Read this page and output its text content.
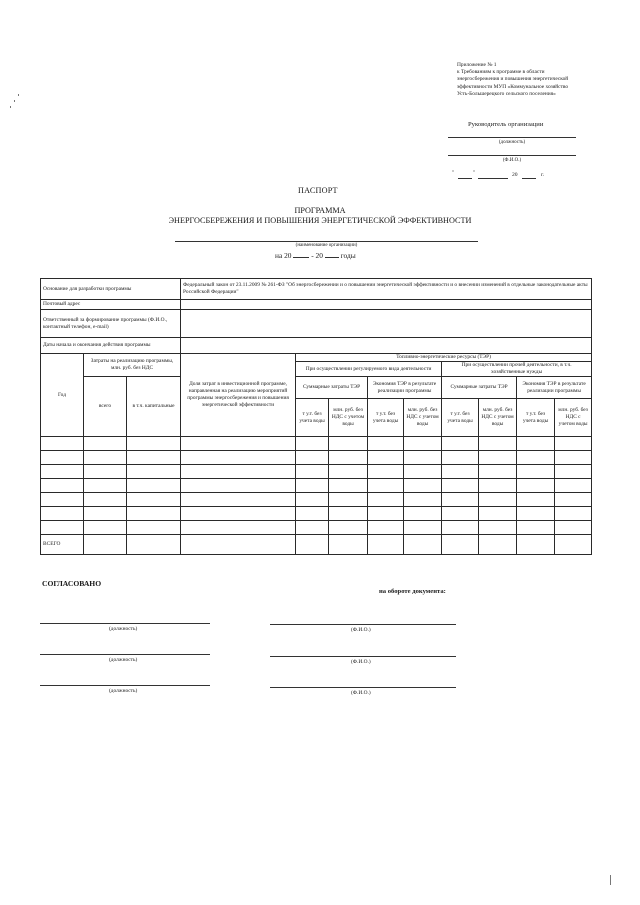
Приложение № 1
к Требованиям к программе в области
энергосбережения и повышения энергетической
эффективности МУП «Коммунальное хозяйство
Усть-Большерецкого сельского поселения»
Руководитель организации
(должность)
(Ф.И.О.)
"	"	20	г.
ПАСПОРТ
ПРОГРАММА
ЭНЕРГОСБЕРЕЖЕНИЯ И ПОВЫШЕНИЯ ЭНЕРГЕТИЧЕСКОЙ ЭФФЕКТИВНОСТИ
(наименование организации)
на 20	- 20 годы
Основание для разработки программы			Федеральный закон от 23.11.2009 № 261-ФЗ "Об энергосбережении и о повышении энергетической эффективности и о внесении изменений в отдельные законодательные акты Российской Федерации"								
Почтовый адрес											
Ответственный за формирование программы (Ф.И.О., контактный телефон, e-mail)											
Даты начала и окончания действия программы											
Год	Затраты на реализацию программы, млн. руб. без НДС		Доля затрат в инвестиционной программе, направленная на реализацию мероприятий программы энергосбережения и повышения энергетической эффективности	Топливно-энергетические ресурсы (ТЭР)							
				При осуществлении регулируемого вида деятельности				При осуществлении прочей деятельности, в т.ч. хозяйственные нужды			
	всего	в т.ч. капитальные		Суммарные затраты ТЭР		Экономия ТЭР в результате реализации программы		Суммарные затраты ТЭР		Экономия ТЭР в результате реализации программы	
				т у.т. без учета воды	млн. руб. без НДС с учетом воды	т у.т. без учета воды	млн. руб. без НДС с учетом воды	т у.т. без учета воды	млн. руб. без НДС с учетом воды	т у.т. без учета воды	млн. руб. без НДС с учетом воды

ВСЕГО											
СОГЛАСОВАНО
на обороте документа:
(должность)	(Ф.И.О.)
(должность)	(Ф.И.О.)
(должность)	(Ф.И.О.)
